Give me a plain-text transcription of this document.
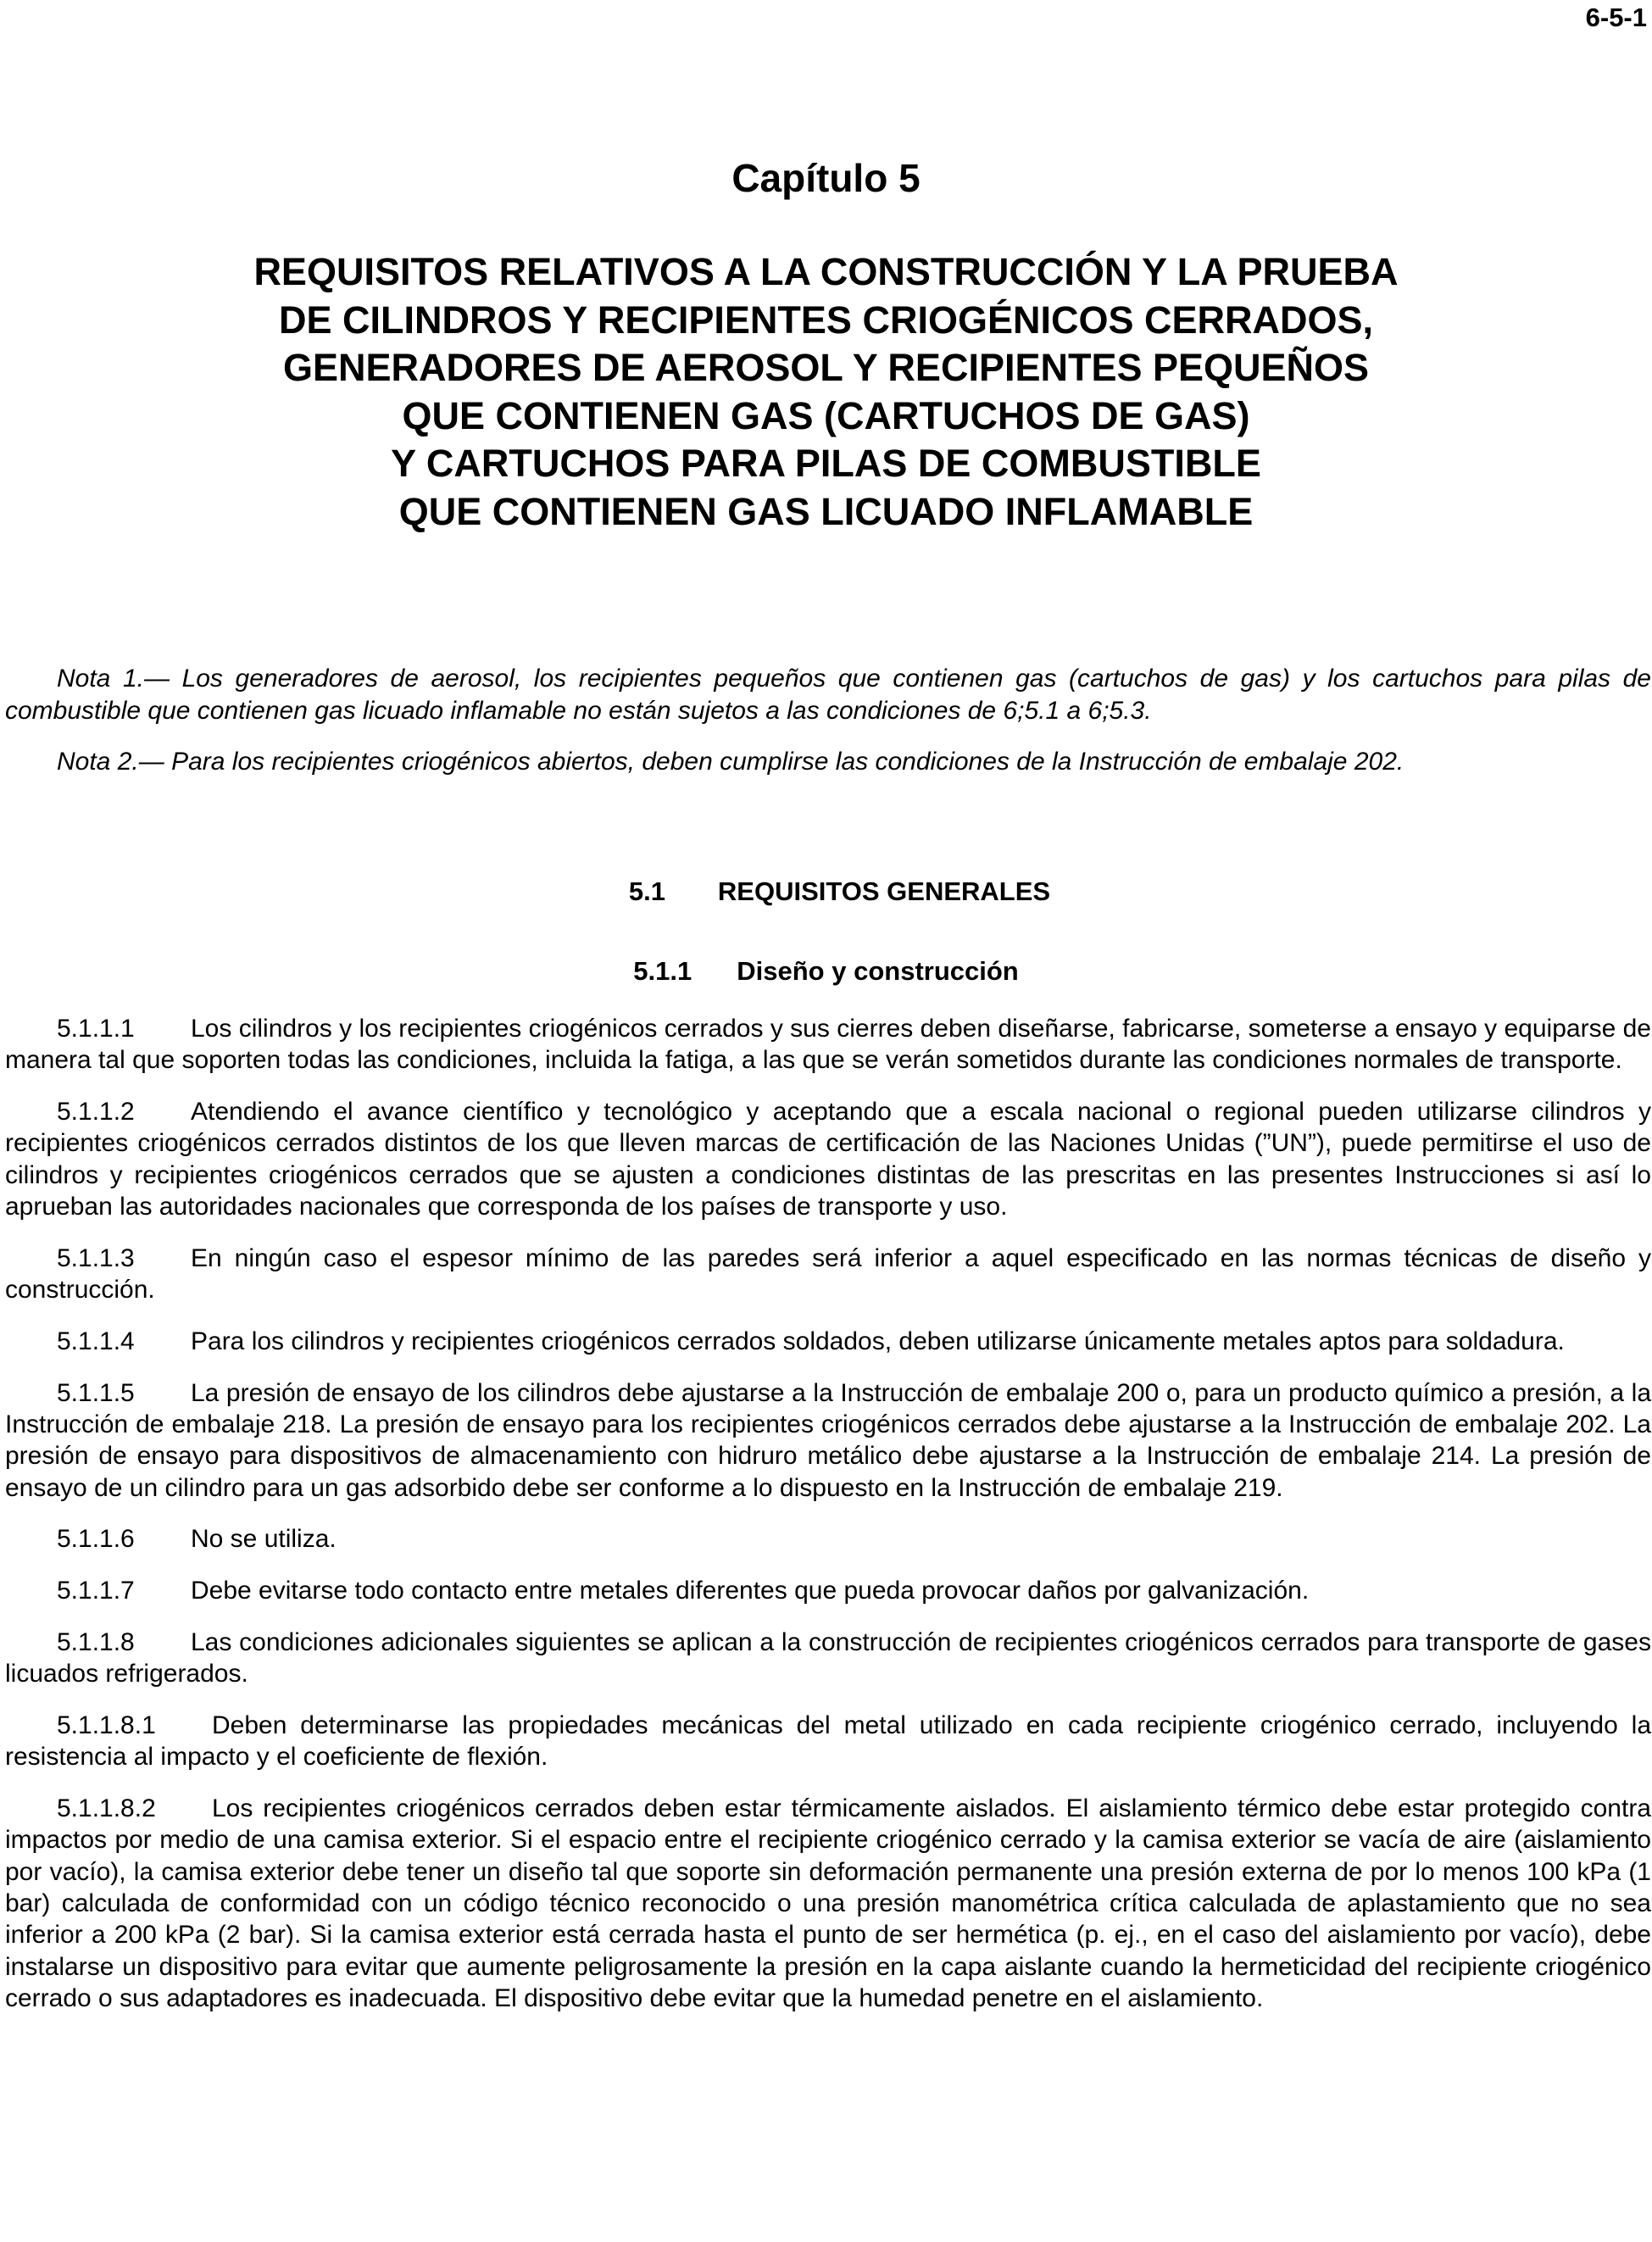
6-5-1
Capítulo 5
REQUISITOS RELATIVOS A LA CONSTRUCCIÓN Y LA PRUEBA
DE CILINDROS Y RECIPIENTES CRIOGÉNICOS CERRADOS,
GENERADORES DE AEROSOL Y RECIPIENTES PEQUEÑOS
QUE CONTIENEN GAS (CARTUCHOS DE GAS)
Y CARTUCHOS PARA PILAS DE COMBUSTIBLE
QUE CONTIENEN GAS LICUADO INFLAMABLE

Nota 1.— Los generadores de aerosol, los recipientes pequeños que contienen gas (cartuchos de gas) y los cartuchos para pilas de combustible que contienen gas licuado inflamable no están sujetos a las condiciones de 6;5.1 a 6;5.3.

Nota 2.— Para los recipientes criogénicos abiertos, deben cumplirse las condiciones de la Instrucción de embalaje 202.

5.1 REQUISITOS GENERALES
5.1.1 Diseño y construcción

5.1.1.1 Los cilindros y los recipientes criogénicos cerrados y sus cierres deben diseñarse, fabricarse, someterse a ensayo y equiparse de manera tal que soporten todas las condiciones, incluida la fatiga, a las que se verán sometidos durante las condiciones normales de transporte.

5.1.1.2 Atendiendo el avance científico y tecnológico y aceptando que a escala nacional o regional pueden utilizarse cilindros y recipientes criogénicos cerrados distintos de los que lleven marcas de certificación de las Naciones Unidas (”UN”), puede permitirse el uso de cilindros y recipientes criogénicos cerrados que se ajusten a condiciones distintas de las prescritas en las presentes Instrucciones si así lo aprueban las autoridades nacionales que corresponda de los países de transporte y uso.

5.1.1.3 En ningún caso el espesor mínimo de las paredes será inferior a aquel especificado en las normas técnicas de diseño y construcción.

5.1.1.4 Para los cilindros y recipientes criogénicos cerrados soldados, deben utilizarse únicamente metales aptos para soldadura.

5.1.1.5 La presión de ensayo de los cilindros debe ajustarse a la Instrucción de embalaje 200 o, para un producto químico a presión, a la Instrucción de embalaje 218. La presión de ensayo para los recipientes criogénicos cerrados debe ajustarse a la Instrucción de embalaje 202. La presión de ensayo para dispositivos de almacenamiento con hidruro metálico debe ajustarse a la Instrucción de embalaje 214. La presión de ensayo de un cilindro para un gas adsorbido debe ser conforme a lo dispuesto en la Instrucción de embalaje 219.

5.1.1.6 No se utiliza.

5.1.1.7 Debe evitarse todo contacto entre metales diferentes que pueda provocar daños por galvanización.

5.1.1.8 Las condiciones adicionales siguientes se aplican a la construcción de recipientes criogénicos cerrados para transporte de gases licuados refrigerados.

5.1.1.8.1 Deben determinarse las propiedades mecánicas del metal utilizado en cada recipiente criogénico cerrado, incluyendo la resistencia al impacto y el coeficiente de flexión.

5.1.1.8.2 Los recipientes criogénicos cerrados deben estar térmicamente aislados. El aislamiento térmico debe estar protegido contra impactos por medio de una camisa exterior. Si el espacio entre el recipiente criogénico cerrado y la camisa exterior se vacía de aire (aislamiento por vacío), la camisa exterior debe tener un diseño tal que soporte sin deformación permanente una presión externa de por lo menos 100 kPa (1 bar) calculada de conformidad con un código técnico reconocido o una presión manométrica crítica calculada de aplastamiento que no sea inferior a 200 kPa (2 bar). Si la camisa exterior está cerrada hasta el punto de ser hermética (p. ej., en el caso del aislamiento por vacío), debe instalarse un dispositivo para evitar que aumente peligrosamente la presión en la capa aislante cuando la hermeticidad del recipiente criogénico cerrado o sus adaptadores es inadecuada. El dispositivo debe evitar que la humedad penetre en el aislamiento.
